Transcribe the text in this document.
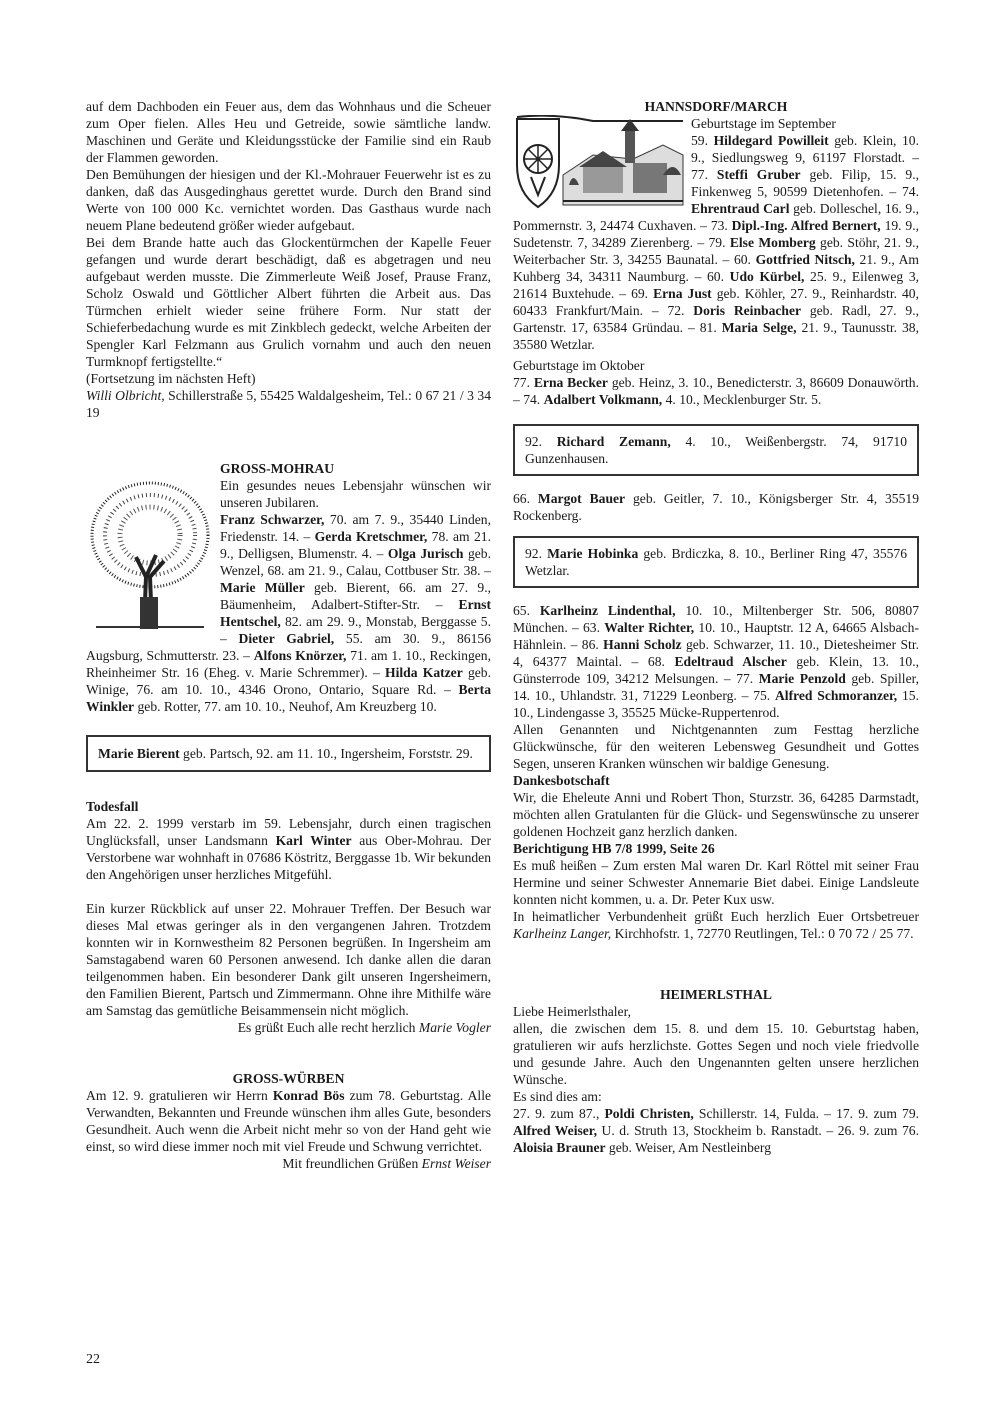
auf dem Dachboden ein Feuer aus, dem das Wohnhaus und die Scheuer zum Oper fielen. Alles Heu und Getreide, sowie sämtliche landw. Maschinen und Geräte und Kleidungsstücke der Familie sind ein Raub der Flammen geworden.

Den Bemühungen der hiesigen und der Kl.-Mohrauer Feuerwehr ist es zu danken, daß das Ausgedinghaus gerettet wurde. Durch den Brand sind Werte von 100 000 Kc. vernichtet worden. Das Gasthaus wurde nach neuem Plane bedeutend größer wieder aufgebaut.

Bei dem Brande hatte auch das Glockentürmchen der Kapelle Feuer gefangen und wurde derart beschädigt, daß es abgetragen und neu aufgebaut werden musste. Die Zimmerleute Weiß Josef, Prause Franz, Scholz Oswald und Göttlicher Albert führten die Arbeit aus. Das Türmchen erhielt wieder seine frühere Form. Nur statt der Schieferbedachung wurde es mit Zinkblech gedeckt, welche Arbeiten der Spengler Karl Felzmann aus Grulich vornahm und auch den neuen Turmknopf fertigstellte.“

(Fortsetzung im nächsten Heft)

Willi Olbricht, Schillerstraße 5, 55425 Waldalgesheim, Tel.: 0 67 21 / 3 34 19

GROSS-MOHRAU

Ein gesundes neues Lebensjahr wünschen wir unseren Jubilaren.

Franz Schwarzer, 70. am 7. 9., 35440 Linden, Friedenstr. 14. – Gerda Kretschmer, 78. am 21. 9., Delligsen, Blumenstr. 4. – Olga Jurisch geb. Wenzel, 68. am 21. 9., Calau, Cottbuser Str. 38. – Marie Müller geb. Bierent, 66. am 27. 9., Bäumenheim, Adalbert-Stifter-Str. – Ernst Hentschel, 82. am 29. 9., Monstab, Berggasse 5. – Dieter Gabriel, 55. am 30. 9., 86156 Augsburg, Schmutterstr. 23. – Alfons Knörzer, 71. am 1. 10., Reckingen, Rheinheimer Str. 16 (Eheg. v. Marie Schremmer). – Hilda Katzer geb. Winige, 76. am 10. 10., 4346 Orono, Ontario, Square Rd. – Berta Winkler geb. Rotter, 77. am 10. 10., Neuhof, Am Kreuzberg 10.

Marie Bierent geb. Partsch, 92. am 11. 10., Ingersheim, Forststr. 29.

Todesfall

Am 22. 2. 1999 verstarb im 59. Lebensjahr, durch einen tragischen Unglücksfall, unser Landsmann Karl Winter aus Ober-Mohrau. Der Verstorbene war wohnhaft in 07686 Köstritz, Berggasse 1b. Wir bekunden den Angehörigen unser herzliches Mitgefühl.

Ein kurzer Rückblick auf unser 22. Mohrauer Treffen. Der Besuch war dieses Mal etwas geringer als in den vergangenen Jahren. Trotzdem konnten wir in Kornwestheim 82 Personen begrüßen. In Ingersheim am Samstagabend waren 60 Personen anwesend. Ich danke allen die daran teilgenommen haben. Ein besonderer Dank gilt unseren Ingersheimern, den Familien Bierent, Partsch und Zimmermann. Ohne ihre Mithilfe wäre am Samstag das gemütliche Beisammensein nicht möglich.

Es grüßt Euch alle recht herzlich Marie Vogler

GROSS-WÜRBEN

Am 12. 9. gratulieren wir Herrn Konrad Bös zum 78. Geburtstag. Alle Verwandten, Bekannten und Freunde wünschen ihm alles Gute, besonders Gesundheit. Auch wenn die Arbeit nicht mehr so von der Hand geht wie einst, so wird diese immer noch mit viel Freude und Schwung verrichtet.

Mit freundlichen Grüßen Ernst Weiser

HANNSDORF/MARCH

Geburtstage im September

59. Hildegard Powilleit geb. Klein, 10. 9., Siedlungsweg 9, 61197 Florstadt. – 77. Steffi Gruber geb. Filip, 15. 9., Finkenweg 5, 90599 Dietenhofen. – 74. Ehrentraud Carl geb. Dolleschel, 16. 9., Pommernstr. 3, 24474 Cuxhaven. – 73. Dipl.-Ing. Alfred Bernert, 19. 9., Sudetenstr. 7, 34289 Zierenberg. – 79. Else Momberg geb. Stöhr, 21. 9., Weiterbacher Str. 3, 34255 Baunatal. – 60. Gottfried Nitsch, 21. 9., Am Kuhberg 34, 34311 Naumburg. – 60. Udo Kürbel, 25. 9., Eilenweg 3, 21614 Buxtehude. – 69. Erna Just geb. Köhler, 27. 9., Reinhardstr. 40, 60433 Frankfurt/Main. – 72. Doris Reinbacher geb. Radl, 27. 9., Gartenstr. 17, 63584 Gründau. – 81. Maria Selge, 21. 9., Taunusstr. 38, 35580 Wetzlar.

Geburtstage im Oktober

77. Erna Becker geb. Heinz, 3. 10., Benedicterstr. 3, 86609 Donauwörth. – 74. Adalbert Volkmann, 4. 10., Mecklenburger Str. 5.

92. Richard Zemann, 4. 10., Weißenbergstr. 74, 91710 Gunzenhausen.

66. Margot Bauer geb. Geitler, 7. 10., Königsberger Str. 4, 35519 Rockenberg.

92. Marie Hobinka geb. Brdiczka, 8. 10., Berliner Ring 47, 35576 Wetzlar.

65. Karlheinz Lindenthal, 10. 10., Miltenberger Str. 506, 80807 München. – 63. Walter Richter, 10. 10., Hauptstr. 12 A, 64665 Alsbach-Hähnlein. – 86. Hanni Scholz geb. Schwarzer, 11. 10., Dietesheimer Str. 4, 64377 Maintal. – 68. Edeltraud Alscher geb. Klein, 13. 10., Günsterrode 109, 34212 Melsungen. – 77. Marie Penzold geb. Spiller, 14. 10., Uhlandstr. 31, 71229 Leonberg. – 75. Alfred Schmoranzer, 15. 10., Lindengasse 3, 35525 Mücke-Ruppertenrod.

Allen Genannten und Nichtgenannten zum Festtag herzliche Glückwünsche, für den weiteren Lebensweg Gesundheit und Gottes Segen, unseren Kranken wünschen wir baldige Genesung.

Dankesbotschaft

Wir, die Eheleute Anni und Robert Thon, Sturzstr. 36, 64285 Darmstadt, möchten allen Gratulanten für die Glück- und Segenswünsche zu unserer goldenen Hochzeit ganz herzlich danken.

Berichtigung HB 7/8 1999, Seite 26

Es muß heißen – Zum ersten Mal waren Dr. Karl Röttel mit seiner Frau Hermine und seiner Schwester Annemarie Biet dabei. Einige Landsleute konnten nicht kommen, u. a. Dr. Peter Kux usw.

In heimatlicher Verbundenheit grüßt Euch herzlich Euer Ortsbetreuer Karlheinz Langer, Kirchhofstr. 1, 72770 Reutlingen, Tel.: 0 70 72 / 25 77.

HEIMERLSTHAL

Liebe Heimerlsthaler,

allen, die zwischen dem 15. 8. und dem 15. 10. Geburtstag haben, gratulieren wir aufs herzlichste. Gottes Segen und noch viele friedvolle und gesunde Jahre. Auch den Ungenannten gelten unsere herzlichen Wünsche.

Es sind dies am:

27. 9. zum 87., Poldi Christen, Schillerstr. 14, Fulda. – 17. 9. zum 79. Alfred Weiser, U. d. Struth 13, Stockheim b. Ranstadt. – 26. 9. zum 76. Aloisia Brauner geb. Weiser, Am Nestleinberg

22
